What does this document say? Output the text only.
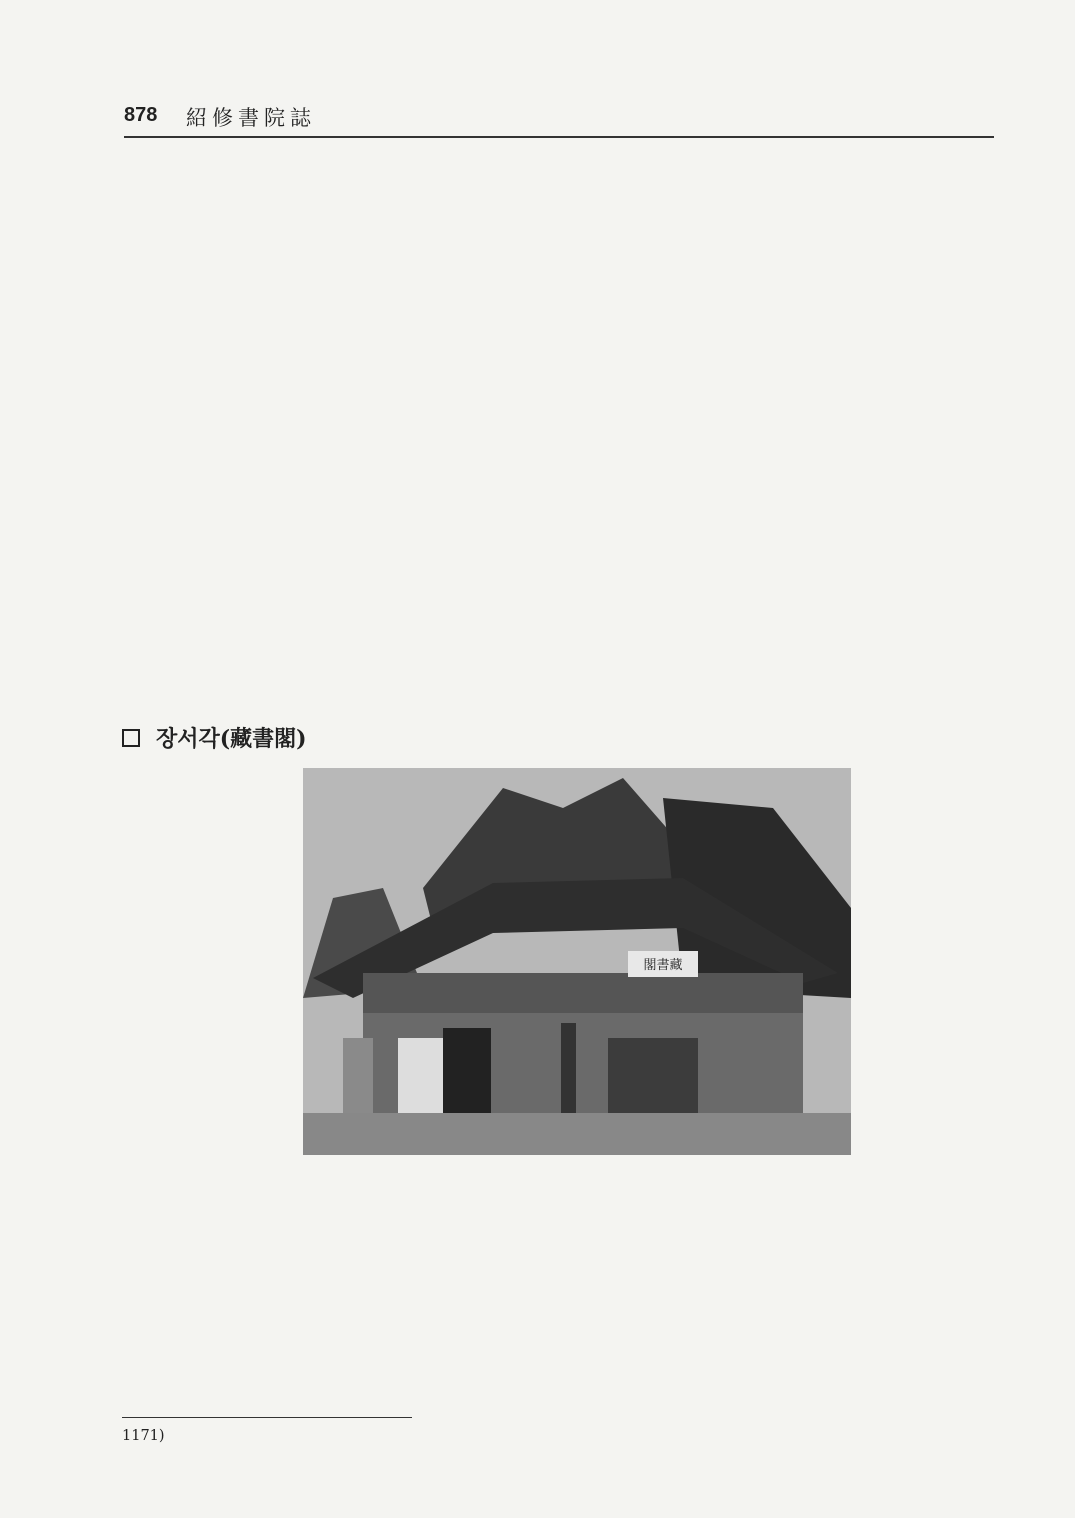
878 紹修書院誌
장서각(藏書閣)
閣書藏

1171)
